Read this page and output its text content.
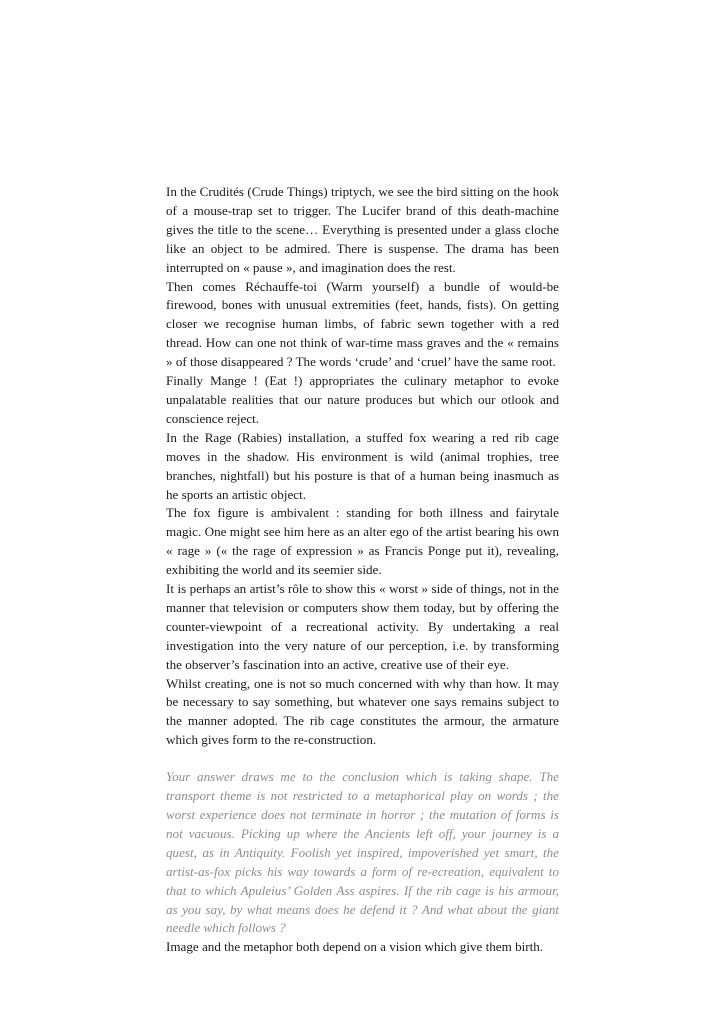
In the Crudités (Crude Things) triptych, we see the bird sitting on the hook of a mouse-trap set to trigger. The Lucifer brand of this death-machine gives the title to the scene… Everything is presented under a glass cloche like an object to be admired. There is suspense. The drama has been interrupted on « pause », and imagination does the rest.

Then comes Réchauffe-toi (Warm yourself) a bundle of would-be firewood, bones with unusual extremities (feet, hands, fists). On getting closer we recognise human limbs, of fabric sewn together with a red thread. How can one not think of war-time mass graves and the « remains » of those disappeared ? The words ‘crude’ and ‘cruel’ have the same root.

Finally Mange ! (Eat !) appropriates the culinary metaphor to evoke unpalatable realities that our nature produces but which our otlook and conscience reject.

In the Rage (Rabies) installation, a stuffed fox wearing a red rib cage moves in the shadow. His environment is wild (animal trophies, tree branches, nightfall) but his posture is that of a human being inasmuch as he sports an artistic object.

The fox figure is ambivalent : standing for both illness and fairytale magic. One might see him here as an alter ego of the artist bearing his own « rage » (« the rage of expression » as Francis Ponge put it), revealing, exhibiting the world and its seemier side.

It is perhaps an artist’s rôle to show this « worst » side of things, not in the manner that television or computers show them today, but by offering the counter-viewpoint of a recreational activity. By undertaking a real investigation into the very nature of our perception, i.e. by transforming the observer’s fascination into an active, creative use of their eye.

Whilst creating, one is not so much concerned with why than how. It may be necessary to say something, but whatever one says remains subject to the manner adopted. The rib cage constitutes the armour, the armature which gives form to the re-construction.

Your answer draws me to the conclusion which is taking shape. The transport theme is not restricted to a metaphorical play on words ; the worst experience does not terminate in horror ; the mutation of forms is not vacuous. Picking up where the Ancients left off, your journey is a quest, as in Antiquity. Foolish yet inspired, impoverished yet smart, the artist-as-fox picks his way towards a form of re-ecreation, equivalent to that to which Apuleius’ Golden Ass aspires. If the rib cage is his armour, as you say, by what means does he defend it ? And what about the giant needle which follows ?

Image and the metaphor both depend on a vision which give them birth.
